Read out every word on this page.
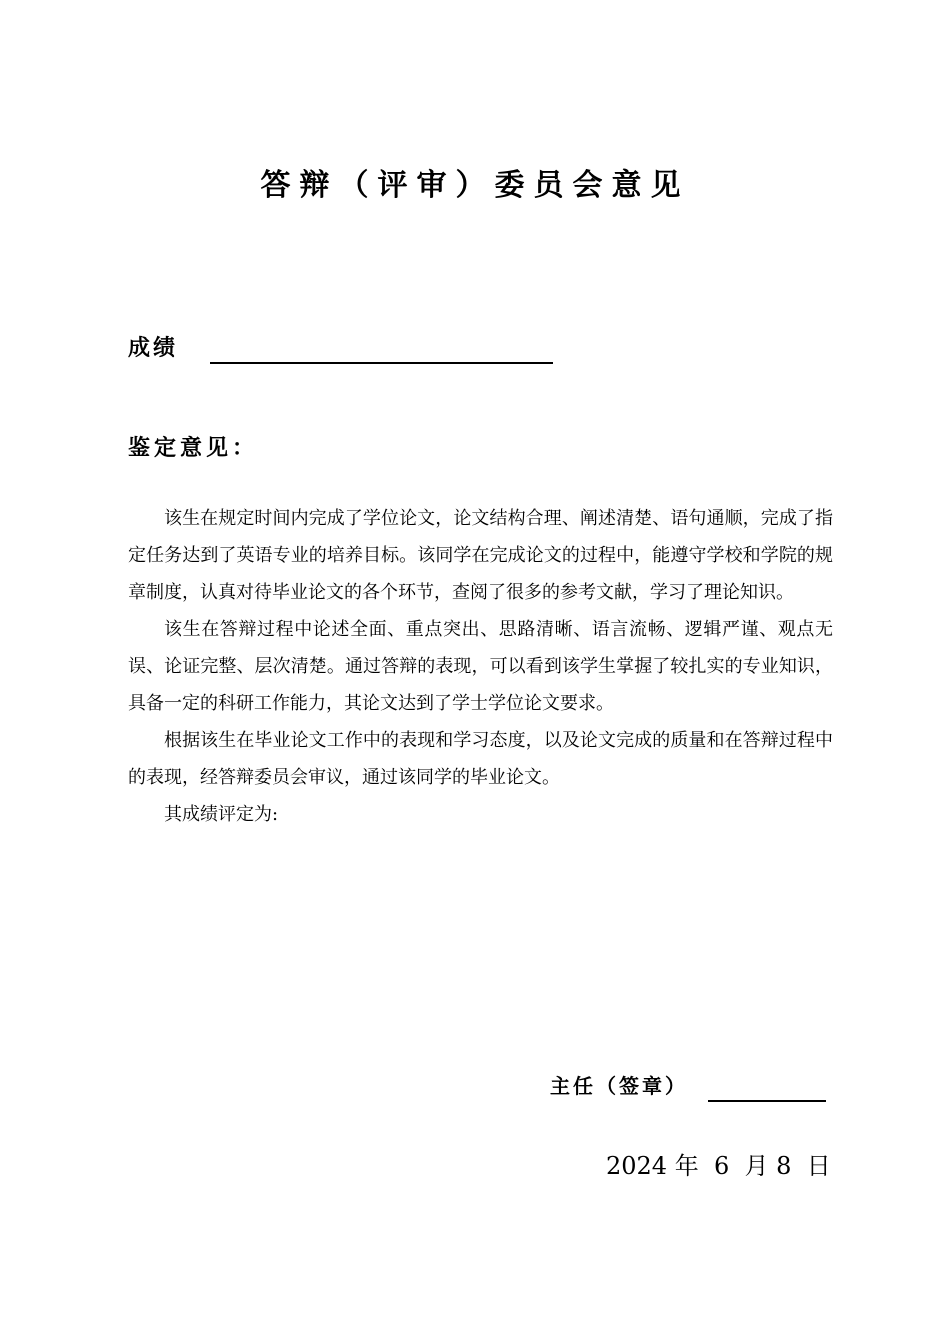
答辩（评审）委员会意见
成绩
鉴定意见：

该生在规定时间内完成了学位论文，论文结构合理、阐述清楚、语句通顺，完成了指定任务达到了英语专业的培养目标。该同学在完成论文的过程中，能遵守学校和学院的规章制度，认真对待毕业论文的各个环节，查阅了很多的参考文献，学习了理论知识。

该生在答辩过程中论述全面、重点突出、思路清晰、语言流畅、逻辑严谨、观点无误、论证完整、层次清楚。通过答辩的表现，可以看到该学生掌握了较扎实的专业知识，具备一定的科研工作能力，其论文达到了学士学位论文要求。

根据该生在毕业论文工作中的表现和学习态度，以及论文完成的质量和在答辩过程中的表现，经答辩委员会审议，通过该同学的毕业论文。

其成绩评定为:

主任（签章）
2024 年 6 月 8 日
